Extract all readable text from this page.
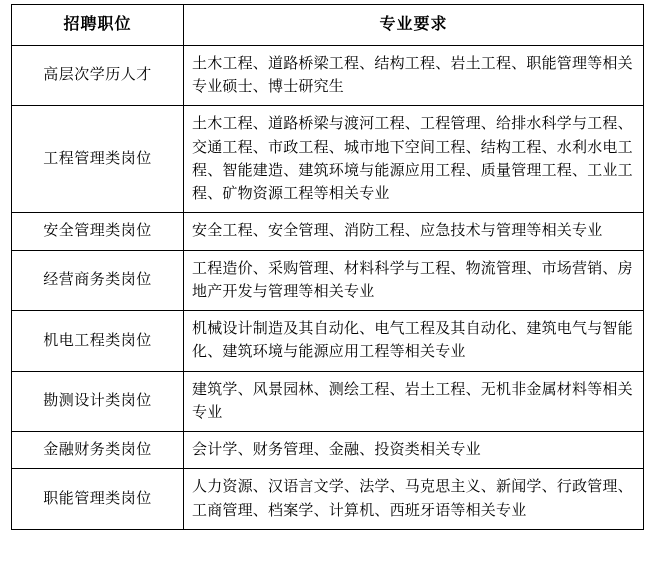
招聘职位	专业要求
高层次学历人才	土木工程、道路桥梁工程、结构工程、岩土工程、职能管理等相关专业硕士、博士研究生
工程管理类岗位	土木工程、道路桥梁与渡河工程、工程管理、给排水科学与工程、交通工程、市政工程、城市地下空间工程、结构工程、水利水电工程、智能建造、建筑环境与能源应用工程、质量管理工程、工业工程、矿物资源工程等相关专业
安全管理类岗位	安全工程、安全管理、消防工程、应急技术与管理等相关专业
经营商务类岗位	工程造价、采购管理、材料科学与工程、物流管理、市场营销、房地产开发与管理等相关专业
机电工程类岗位	机械设计制造及其自动化、电气工程及其自动化、建筑电气与智能化、建筑环境与能源应用工程等相关专业
勘测设计类岗位	建筑学、风景园林、测绘工程、岩土工程、无机非金属材料等相关专业
金融财务类岗位	会计学、财务管理、金融、投资类相关专业
职能管理类岗位	人力资源、汉语言文学、法学、马克思主义、新闻学、行政管理、工商管理、档案学、计算机、西班牙语等相关专业
